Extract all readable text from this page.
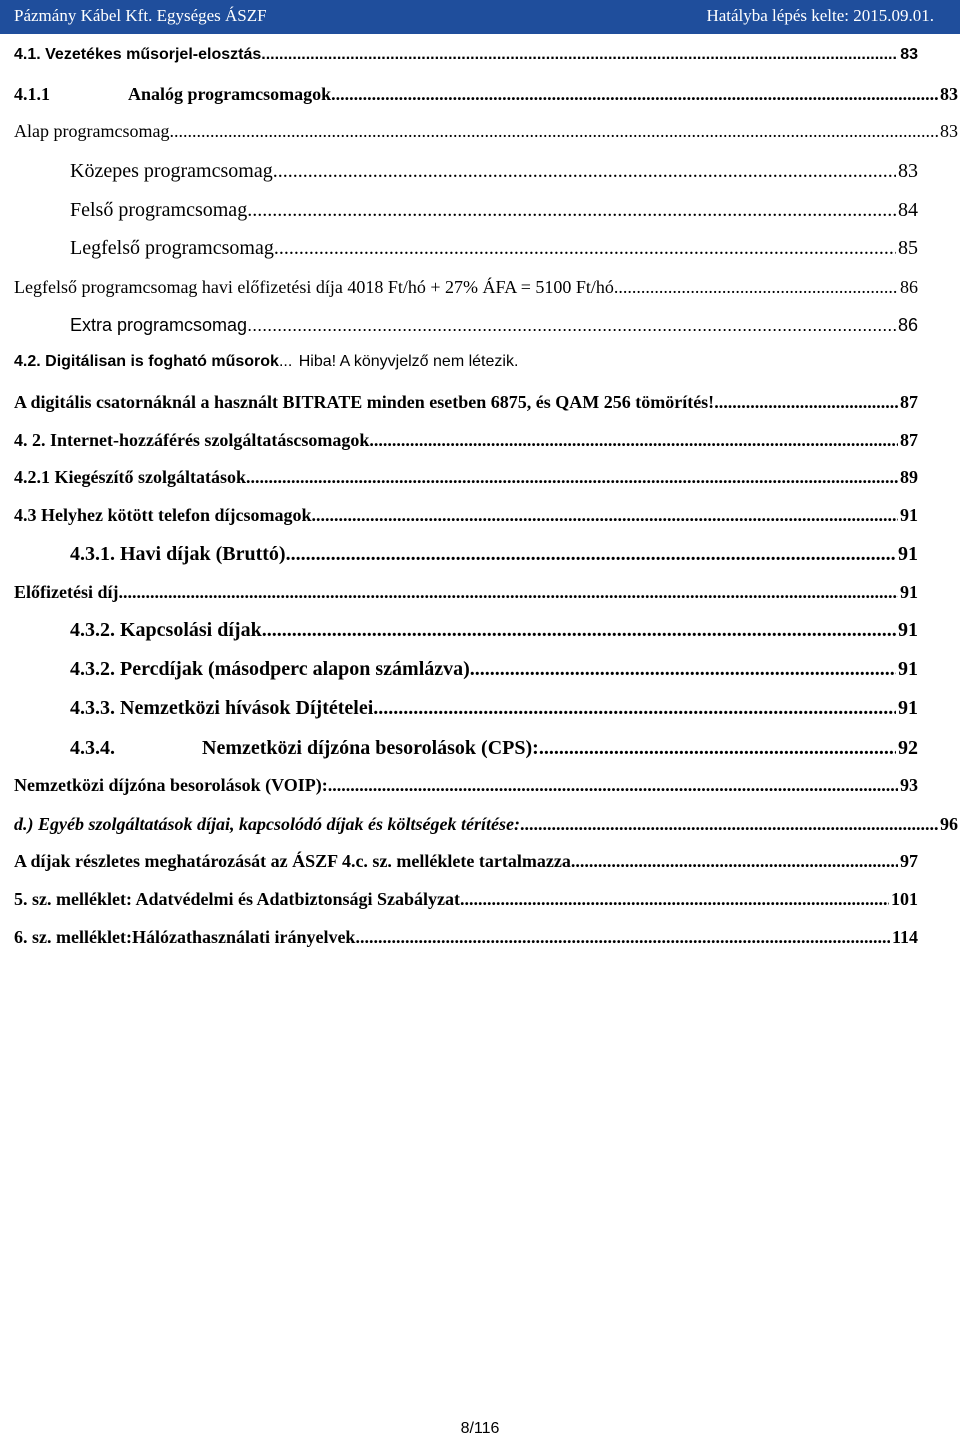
Pázmány Kábel Kft. Egységes ÁSZF	Hatályba lépés kelte: 2015.09.01.
4.1. Vezetékes műsorjel-elosztás .....	83
4.1.1	Analóg programcsomagok .....	83
Alap programcsomag .....	83
Közepes programcsomag .....	83
Felső programcsomag .....	84
Legfelső programcsomag .....	85
Legfelső programcsomag havi előfizetési díja 4018 Ft/hó + 27% ÁFA = 5100 Ft/hó .....	86
Extra programcsomag .....	86
4.2. Digitálisan is fogható műsorok... Hiba! A könyvjelző nem létezik.
A digitális csatornáknál a használt BITRATE minden esetben 6875, és QAM 256 tömörítés! .....	87
4. 2. Internet-hozzáférés szolgáltatáscsomagok .....	87
4.2.1 Kiegészítő szolgáltatások .....	89
4.3 Helyhez kötött telefon díjcsomagok .....	91
4.3.1. Havi díjak (Bruttó) .....	91
Előfizetési díj .....	91
4.3.2. Kapcsolási díjak .....	91
4.3.2. Percdíjak (másodperc alapon számlázva) .....	91
4.3.3. Nemzetközi hívások Díjtételei .....	91
4.3.4.	Nemzetközi díjzóna besorolások (CPS): .....	92
Nemzetközi díjzóna besorolások (VOIP): .....	93
d.) Egyéb szolgáltatások díjai, kapcsolódó díjak és költségek térítése: .....	96
A díjak részletes meghatározását az ÁSZF 4.c. sz. melléklete tartalmazza. .....	97
5. sz. melléklet: Adatvédelmi és Adatbiztonsági Szabályzat .....	101
6. sz. melléklet:Hálózathasználati irányelvek .....	114
8/116
